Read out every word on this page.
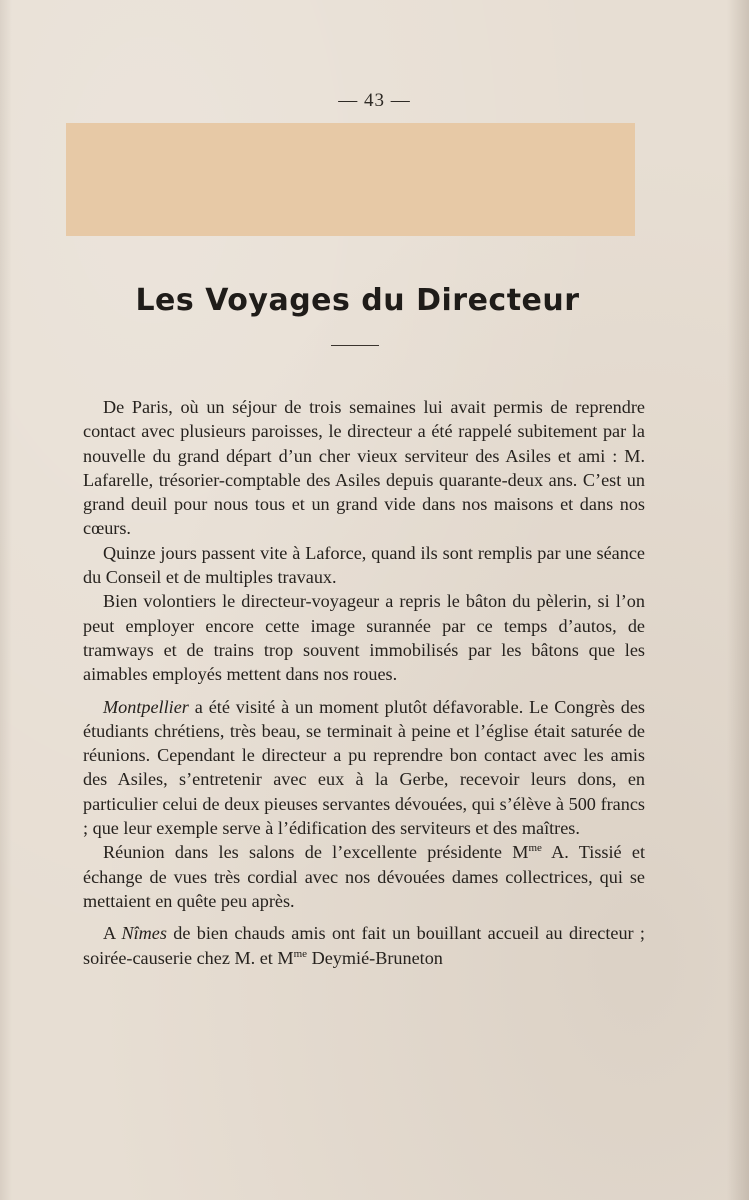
— 43 —
Les Voyages du Directeur

De Paris, où un séjour de trois semaines lui avait permis de reprendre contact avec plusieurs paroisses, le directeur a été rappelé subitement par la nouvelle du grand départ d’un cher vieux serviteur des Asiles et ami : M. Lafarelle, trésorier-comptable des Asiles depuis quarante-deux ans. C’est un grand deuil pour nous tous et un grand vide dans nos maisons et dans nos cœurs.

Quinze jours passent vite à Laforce, quand ils sont remplis par une séance du Conseil et de multiples travaux.

Bien volontiers le directeur-voyageur a repris le bâton du pèlerin, si l’on peut employer encore cette image surannée par ce temps d’autos, de tramways et de trains trop souvent immobilisés par les bâtons que les aimables employés mettent dans nos roues.

Montpellier a été visité à un moment plutôt défavorable. Le Congrès des étudiants chrétiens, très beau, se terminait à peine et l’église était saturée de réunions. Cependant le directeur a pu reprendre bon contact avec les amis des Asiles, s’entretenir avec eux à la Gerbe, recevoir leurs dons, en particulier celui de deux pieuses servantes dévouées, qui s’élève à 500 francs ; que leur exemple serve à l’édification des serviteurs et des maîtres.

Réunion dans les salons de l’excellente présidente $M^{me}$ A. Tissié et échange de vues très cordial avec nos dévouées dames collectrices, qui se mettaient en quête peu après.

A Nîmes de bien chauds amis ont fait un bouillant accueil au directeur ; soirée-causerie chez M. et $M^{me}$ Deymié-Bruneton
